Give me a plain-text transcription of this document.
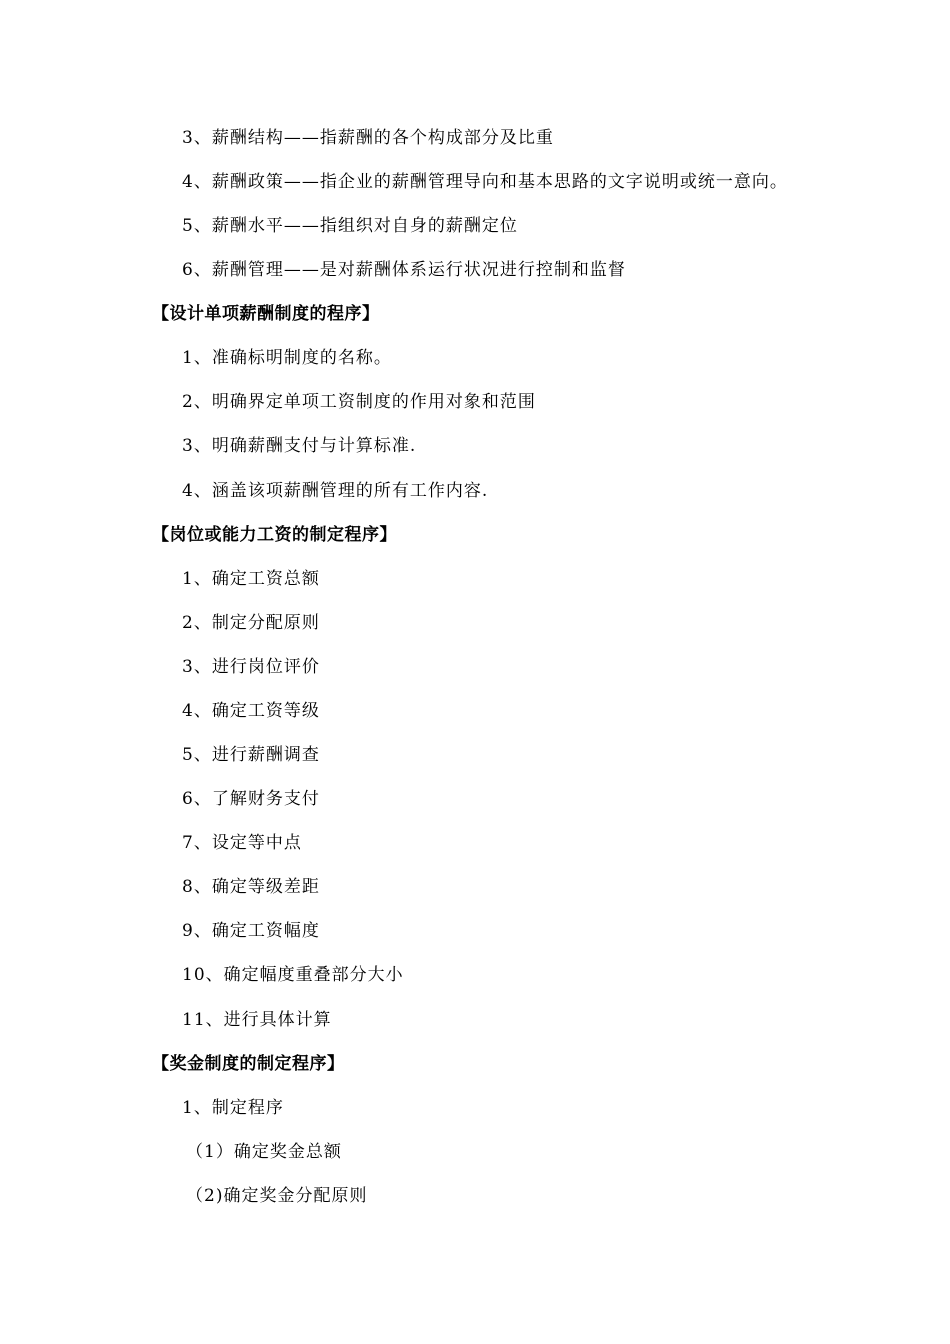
3、薪酬结构——指薪酬的各个构成部分及比重
4、薪酬政策——指企业的薪酬管理导向和基本思路的文字说明或统一意向。
5、薪酬水平——指组织对自身的薪酬定位
6、薪酬管理——是对薪酬体系运行状况进行控制和监督
【设计单项薪酬制度的程序】
1、准确标明制度的名称。
2、明确界定单项工资制度的作用对象和范围
3、明确薪酬支付与计算标准.
4、涵盖该项薪酬管理的所有工作内容.
【岗位或能力工资的制定程序】
1、确定工资总额
2、制定分配原则
3、进行岗位评价
4、确定工资等级
5、进行薪酬调查
6、了解财务支付
7、设定等中点
8、确定等级差距
9、确定工资幅度
10、确定幅度重叠部分大小
11、进行具体计算
【奖金制度的制定程序】
1、制定程序
（1）确定奖金总额
（2)确定奖金分配原则
